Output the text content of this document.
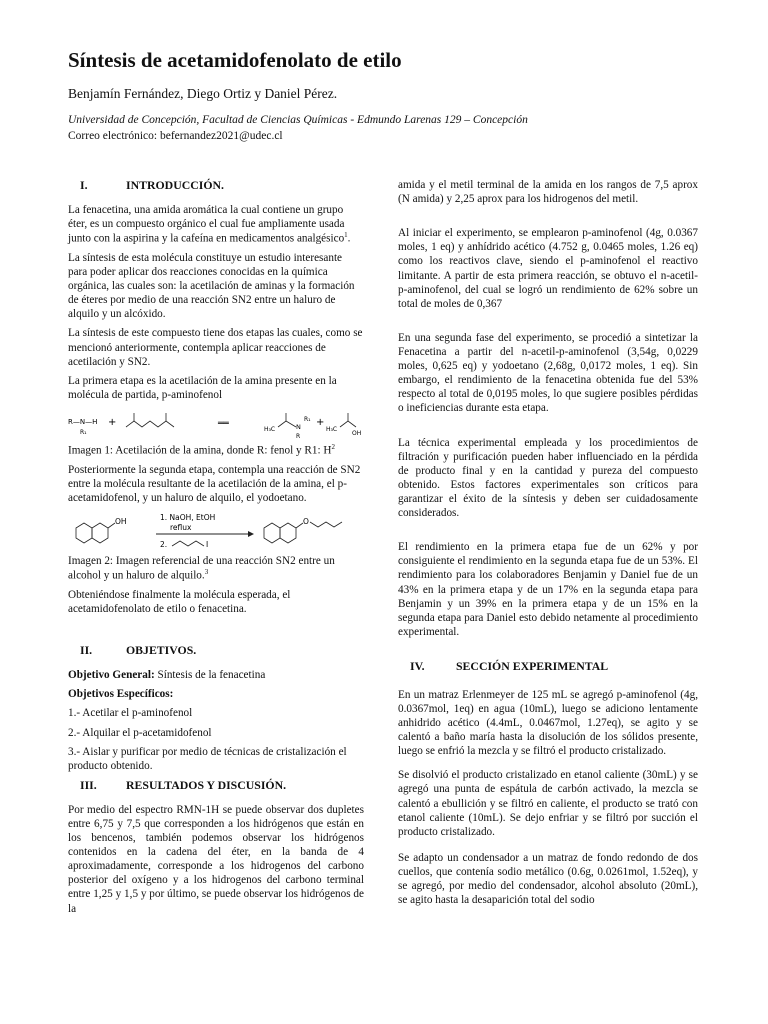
Síntesis de acetamidofenolato de etilo
Benjamín Fernández, Diego Ortiz y Daniel Pérez.
Universidad de Concepción, Facultad de Ciencias Químicas - Edmundo Larenas 129 – Concepción
Correo electrónico: befernandez2021@udec.cl
I.	INTRODUCCIÓN.

La fenacetina, una amida aromática la cual contiene un grupo éter, es un compuesto orgánico el cual fue ampliamente usada junto con la aspirina y la cafeína en medicamentos analgésico$^1$.

La síntesis de esta molécula constituye un estudio interesante para poder aplicar dos reacciones conocidas en la química orgánica, las cuales son: la acetilación de aminas y la formación de éteres por medio de una reacción SN2 entre un haluro de alquilo y un alcóxido.

La síntesis de este compuesto tiene dos etapas las cuales, como se mencionó anteriormente, contempla aplicar reacciones de acetilación y SN2.

La primera etapa es la acetilación de la amina presente en la molécula de partida, p-aminofenol

R—N—H
R₁
+	══
H₃C	N
R₁
R
+
H₃C
OH

Imagen 1: Acetilación de la amina, donde R: fenol y R1: $H^2$

Posteriormente la segunda etapa, contempla una reacción de SN2 entre la molécula resultante de la acetilación de la amina, el p-acetamidofenol, y un haluro de alquilo, el yodoetano.

OH	1. NaOH, EtOH
reflux
2.	I
O

Imagen 2: Imagen referencial de una reacción SN2 entre un alcohol y un haluro de alquilo.$^3$

Obteniéndose finalmente la molécula esperada, el acetamidofenolato de etilo o fenacetina.

II.	OBJETIVOS.

Objetivo General: Síntesis de la fenacetina

Objetivos Específicos:

1.- Acetilar el p-aminofenol

2.- Alquilar el p-acetamidofenol

3.- Aislar y purificar por medio de técnicas de cristalización el producto obtenido.

III.	RESULTADOS Y DISCUSIÓN.

Por medio del espectro RMN-1H se puede observar dos dupletes entre 6,75 y 7,5 que corresponden a los hidrógenos que están en los bencenos, también podemos observar los hidrógenos contenidos en la cadena del éter, en la banda de 4 aproximadamente, corresponde a los hidrogenos del carbono posterior del oxígeno y a los hidrogenos del carbono terminal entre 1,25 y 1,5 y por último, se puede observar los hidrógenos de la

amida y el metil terminal de la amida en los rangos de 7,5 aprox (N amida) y 2,25 aprox para los hidrogenos del metil.

Al iniciar el experimento, se emplearon p-aminofenol (4g, 0.0367 moles, 1 eq) y anhídrido acético (4.752 g, 0.0465 moles, 1.26 eq) como los reactivos clave, siendo el p-aminofenol el reactivo limitante. A partir de esta primera reacción, se obtuvo el n-acetil-p-aminofenol, del cual se logró un rendimiento de 62% sobre un total de moles de 0,367

En una segunda fase del experimento, se procedió a sintetizar la Fenacetina a partir del n-acetil-p-aminofenol (3,54g, 0,0229 moles, 0,625 eq) y yodoetano (2,68g, 0,0172 moles, 1 eq). Sin embargo, el rendimiento de la fenacetina obtenida fue del 53% respecto al total de 0,0195 moles, lo que sugiere posibles pérdidas o ineficiencias durante esta etapa.

La técnica experimental empleada y los procedimientos de filtración y purificación pueden haber influenciado en la pérdida de producto final y en la cantidad y pureza del compuesto obtenido. Estos factores experimentales son críticos para garantizar el éxito de la síntesis y deben ser cuidadosamente considerados.

El rendimiento en la primera etapa fue de un 62% y por consiguiente el rendimiento en la segunda etapa fue de un 53%. El rendimiento para los colaboradores Benjamin y Daniel fue de un 43% en la primera etapa y de un 17% en la segunda etapa para Benjamin y un 39% en la primera etapa y de un 15% en la segunda etapa para Daniel esto debido netamente al procedimiento experimental.

IV.	SECCIÓN EXPERIMENTAL

En un matraz Erlenmeyer de 125 mL se agregó p-aminofenol (4g, 0.0367mol, 1eq) en agua (10mL), luego se adiciono lentamente anhidrido acético (4.4mL, 0.0467mol, 1.27eq), se agito y se calentó a baño maría hasta la disolución de los sólidos presente, luego se enfrió la mezcla y se filtró el producto cristalizado.

Se disolvió el producto cristalizado en etanol caliente (30mL) y se agregó una punta de espátula de carbón activado, la mezcla se calentó a ebullición y se filtró en caliente, el producto se trató con etanol caliente (10mL). Se dejo enfriar y se filtró por succión el producto cristalizado.

Se adapto un condensador a un matraz de fondo redondo de dos cuellos, que contenía sodio metálico (0.6g, 0.0261mol, 1.52eq), y se agregó, por medio del condensador, alcohol absoluto (20mL), se agito hasta la desaparición total del sodio
